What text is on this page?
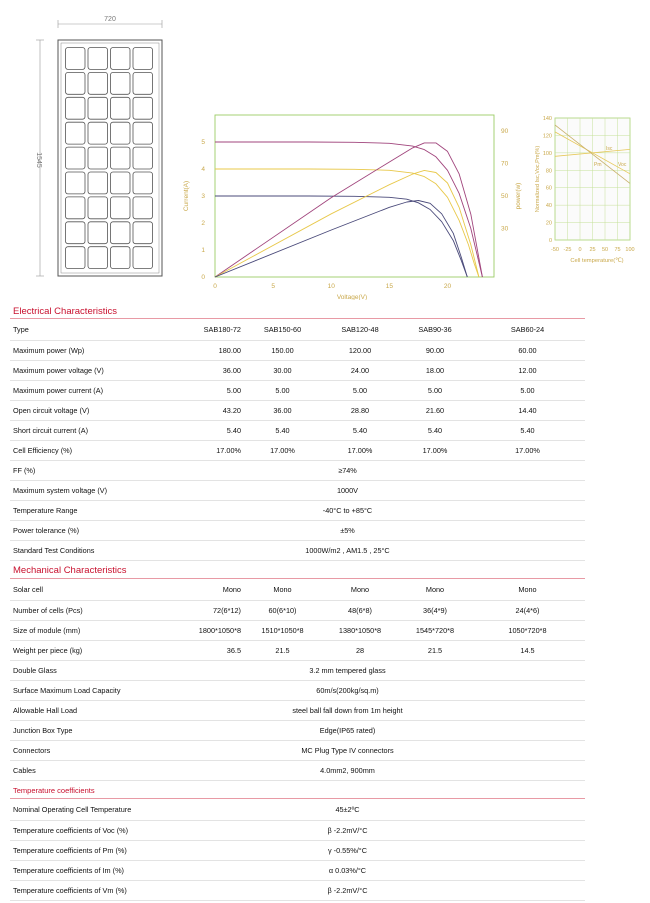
720
1545
0	5	10	15	20
0
1
2
3
4
5
30
50
70
90
Current(A)	power(w)
Voltage(V)
-50 -25 0 25 50 75 100
0
20
40
60
80
100
120
140
Normalized Isc,Voc,Pm(%)
Cell temperature(℃)
Isc
Pm	Voc
Electrical Characteristics
Type	SAB180-72	SAB150-60	SAB120-48	SAB90-36	SAB60-24	
Maximum power (Wp)	180.00	150.00	120.00	90.00	60.00	
Maximum power voltage (V)	36.00	30.00	24.00	18.00	12.00	
Maximum power current (A)	5.00	5.00	5.00	5.00	5.00	
Open circuit voltage (V)	43.20	36.00	28.80	21.60	14.40	
Short circuit current (A)	5.40	5.40	5.40	5.40	5.40	
Cell Efficiency (%)	17.00%	17.00%	17.00%	17.00%	17.00%	
FF (%)	≥74%					
Maximum system voltage (V)	1000V					
Temperature Range	-40°C to +85°C					
Power tolerance (%)	±5%					
Standard Test Conditions	1000W/m2 , AM1.5 , 25°C					
Mechanical Characteristics
Solar cell	Mono	Mono	Mono	Mono	Mono	
Number of cells (Pcs)	72(6*12)	60(6*10)	48(6*8)	36(4*9)	24(4*6)	
Size of module (mm)	1800*1050*8	1510*1050*8	1380*1050*8	1545*720*8	1050*720*8	
Weight per piece (kg)	36.5	21.5	28	21.5	14.5	
Double Glass	3.2 mm tempered glass					
Surface Maximum Load Capacity	60m/s(200kg/sq.m)					
Allowable Hall Load	steel ball fall down from 1m height					
Junction Box Type	Edge(IP65 rated)					
Connectors	MC Plug Type IV connectors					
Cables	4.0mm2, 900mm					
Temperature coefficients
Nominal Operating Cell Temperature	45±2ºC	
Temperature coefficients of Voc (%)	β -2.2mV/°C	
Temperature coefficients of Pm (%)	γ -0.55%/°C	
Temperature coefficients of Im (%)	α 0.03%/°C	
Temperature coefficients of Vm (%)	β -2.2mV/°C	
